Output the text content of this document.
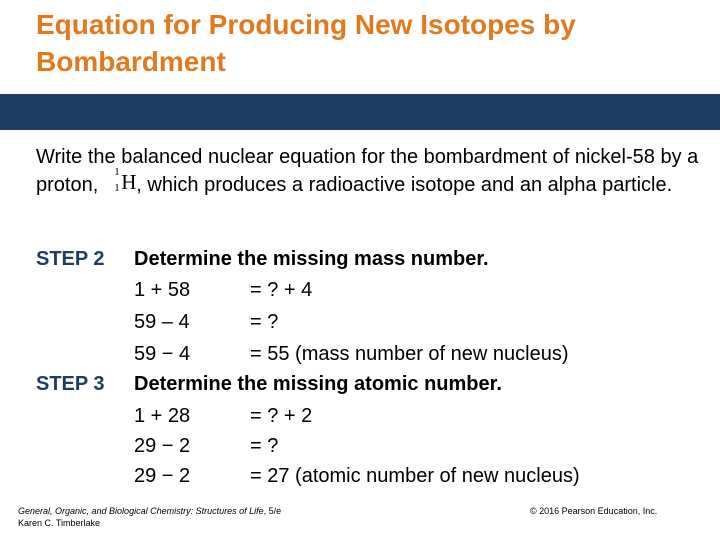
Equation for Producing New Isotopes by Bombardment
Write the balanced nuclear equation for the bombardment of nickel-58 by a proton,
1
1 H , which produces a radioactive isotope and an alpha particle.
STEP 2 Determine the missing mass number.
1 + 58	= ? + 4
59 – 4	= ?
59 − 4	= 55 (mass number of new nucleus)
STEP 3 Determine the missing atomic number.
1 + 28	= ? + 2
29 − 2	= ?
29 − 2	= 27 (atomic number of new nucleus)
General, Organic, and Biological Chemistry: Structures of Life, 5/e
Karen C. Timberlake
© 2016 Pearson Education, Inc.
